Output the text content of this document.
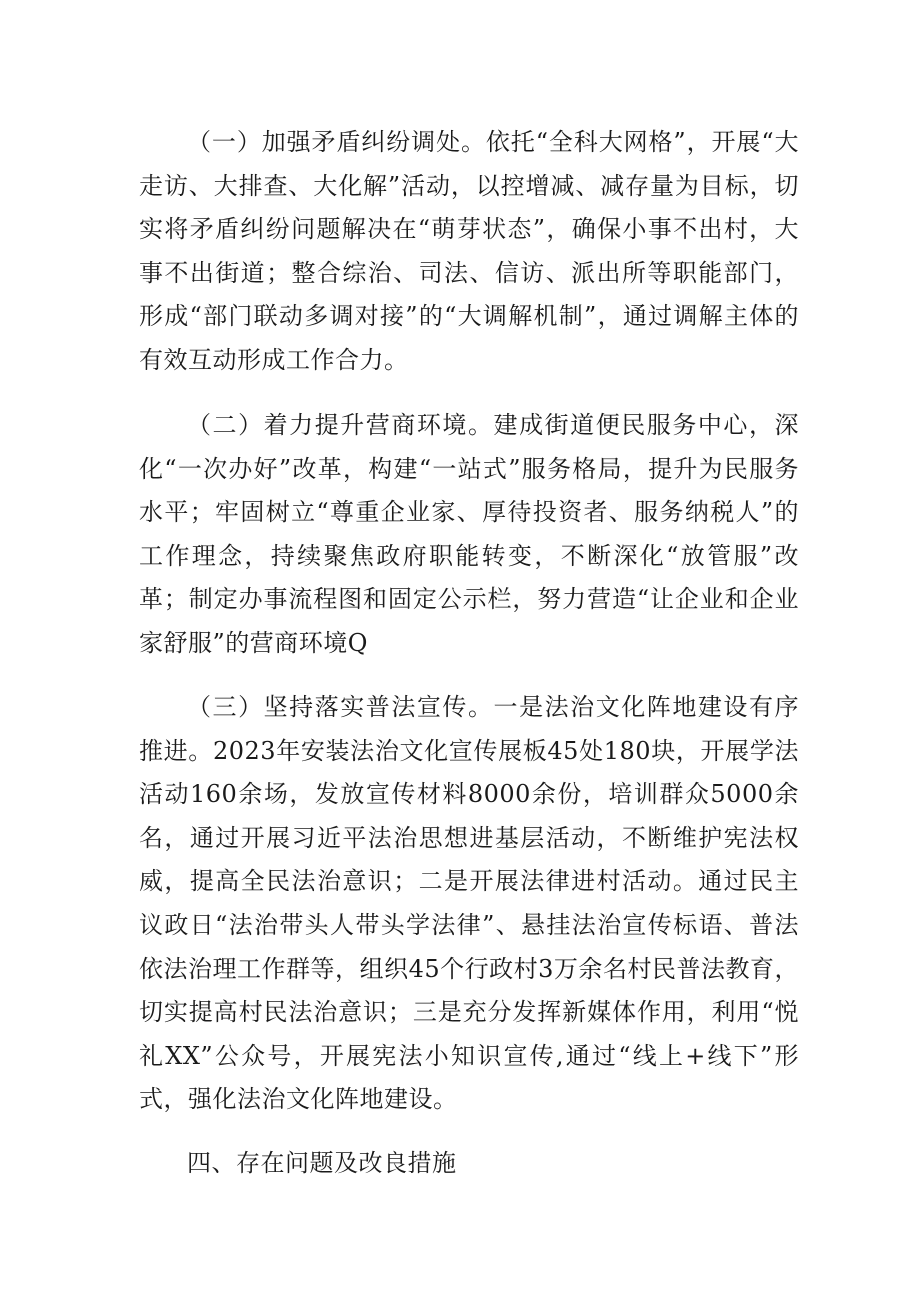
（一）加强矛盾纠纷调处。依托“全科大网格”，开展“大走访、大排查、大化解”活动，以控增减、减存量为目标，切实将矛盾纠纷问题解决在“萌芽状态”，确保小事不出村，大事不出街道；整合综治、司法、信访、派出所等职能部门，形成“部门联动多调对接”的“大调解机制”，通过调解主体的有效互动形成工作合力。

（二）着力提升营商环境。建成街道便民服务中心，深化“一次办好”改革，构建“一站式”服务格局，提升为民服务水平；牢固树立“尊重企业家、厚待投资者、服务纳税人”的工作理念，持续聚焦政府职能转变，不断深化“放管服”改革；制定办事流程图和固定公示栏，努力营造“让企业和企业家舒服”的营商环境Q

（三）坚持落实普法宣传。一是法治文化阵地建设有序推进。2023年安装法治文化宣传展板45处180块，开展学法活动160余场，发放宣传材料8000余份，培训群众5000余名，通过开展习近平法治思想进基层活动，不断维护宪法权威，提高全民法治意识；二是开展法律进村活动。通过民主议政日“法治带头人带头学法律”、悬挂法治宣传标语、普法依法治理工作群等，组织45个行政村3万余名村民普法教育，切实提高村民法治意识；三是充分发挥新媒体作用，利用“悦礼XX”公众号，开展宪法小知识宣传,通过“线上+线下”形式，强化法治文化阵地建设。

四、存在问题及改良措施
